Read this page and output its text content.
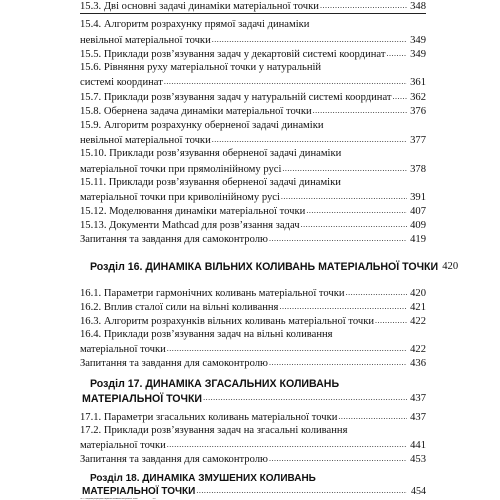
15.3. Дві основні задачі динаміки матеріальної точки .....	348
15.4. Алгоритм розрахунку прямої задачі динаміки
невільної матеріальної точки .....	349
15.5. Приклади розв’язування задач у декартовій системі координат ..... 349
15.6. Рівняння руху матеріальної точки у натуральній
системі координат .....	361
15.7. Приклади розв’язування задач у натуральній системі координат ..... 362
15.8. Обернена задача динаміки матеріальної точки .....	376
15.9. Алгоритм розрахунку оберненої задачі динаміки
невільної матеріальної точки .....	377
15.10. Приклади розв’язування оберненої задачі динаміки
матеріальної точки при прямолінійному русі .....	378
15.11. Приклади розв’язування оберненої задачі динаміки
матеріальної точки при криволінійному русі .....	391
15.12. Моделювання динаміки матеріальної точки .....	407
15.13. Документи Mathcad для розв’язання задач .....	409
Запитання та завдання для самоконтролю .....	419
Розділ 16. ДИНАМІКА ВІЛЬНИХ КОЛИВАНЬ МАТЕРІАЛЬНОЇ ТОЧКИ 420
16.1. Параметри гармонічних коливань матеріальної точки .....	420
16.2. Вплив сталої сили на вільні коливання .....	421
16.3. Алгоритм розрахунків вільних коливань матеріальної точки .....	422
16.4. Приклади розв’язування задач на вільні коливання
матеріальної точки .....	422
Запитання та завдання для самоконтролю .....	436
Розділ 17. ДИНАМІКА ЗГАСАЛЬНИХ КОЛИВАНЬ
МАТЕРІАЛЬНОЇ ТОЧКИ .....	437
17.1. Параметри згасальних коливань матеріальної точки .....	437
17.2. Приклади розв’язування задач на згасальні коливання
матеріальної точки .....	441
Запитання та завдання для самоконтролю .....	453
Розділ 18. ДИНАМІКА ЗМУШЕНИХ КОЛИВАНЬ
МАТЕРІАЛЬНОЇ ТОЧКИ .....	454
18.1. Параметри згасальних коливань матеріальної точки	454
18.2. Алгоритм розрахунків змушених коливань матеріальної точки	459
